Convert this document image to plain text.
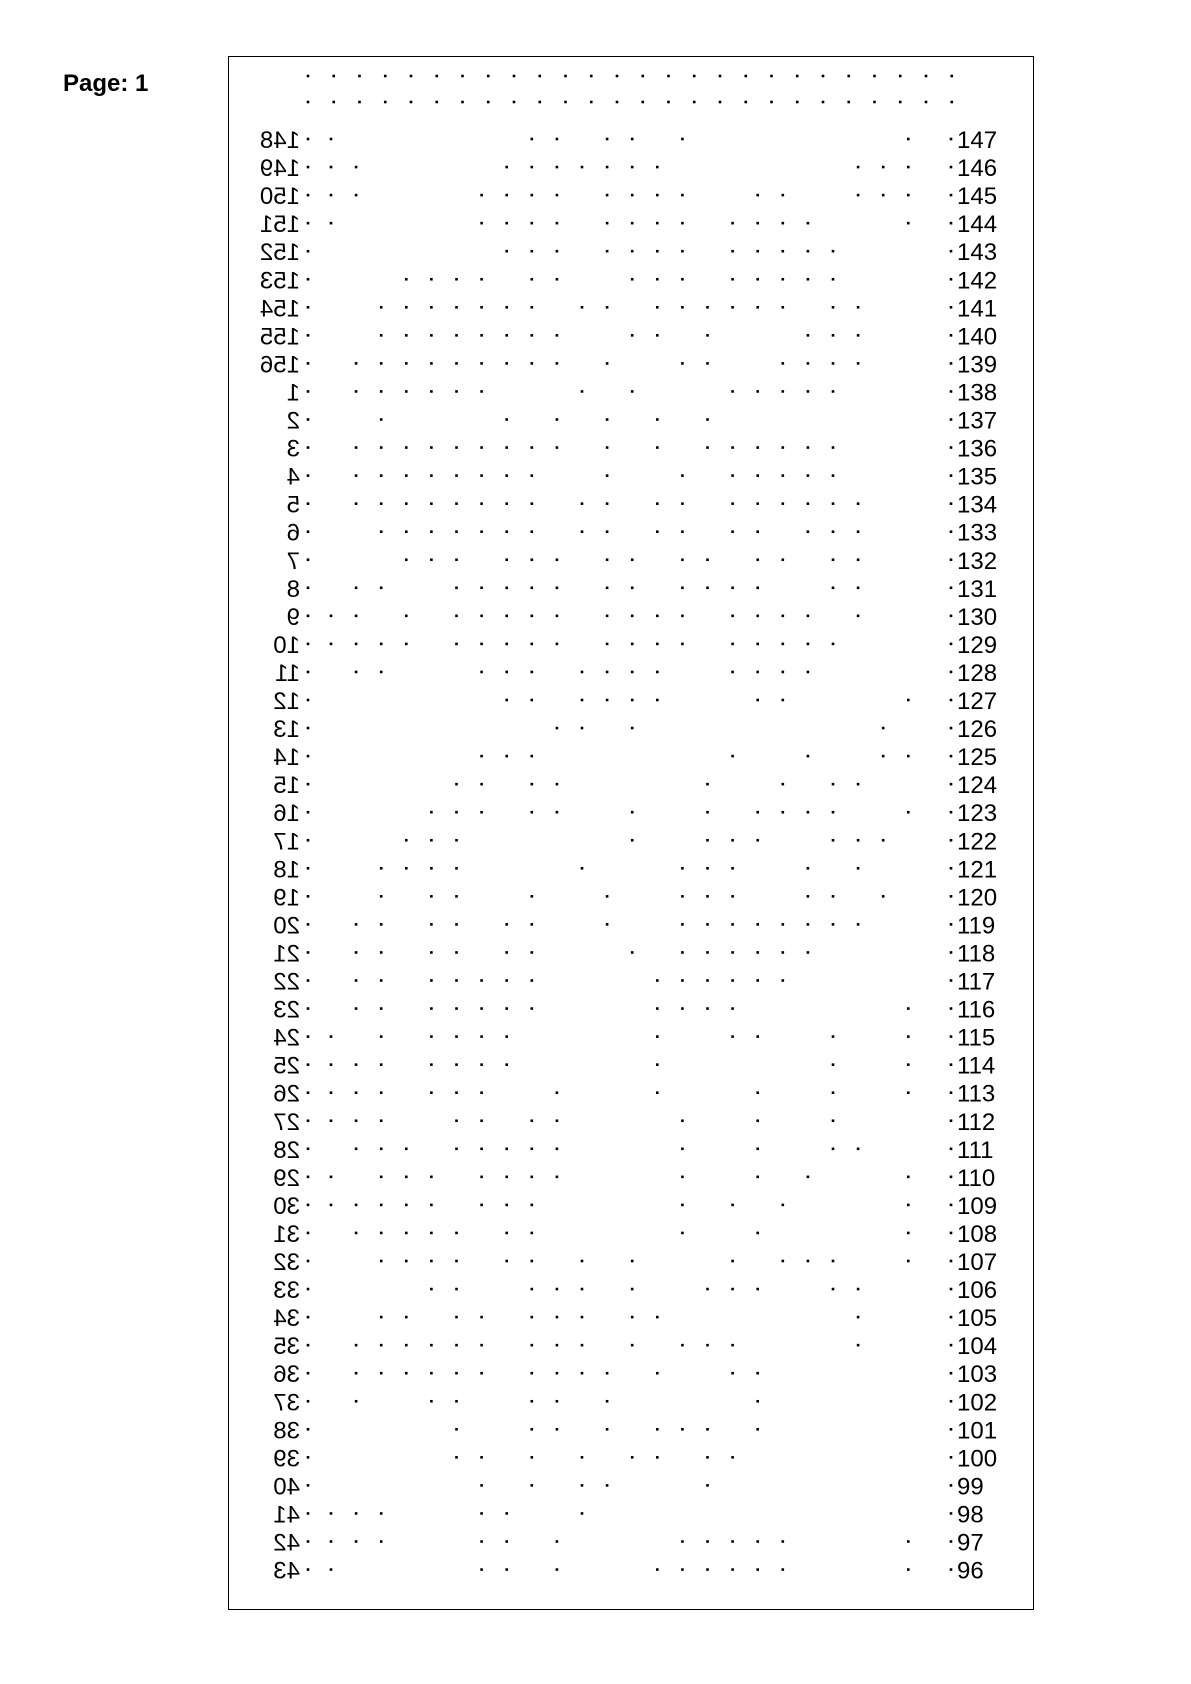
Page: 1
148	147
149	146
150	145
151	144
152	143
153	142
154	141
155	140
156	139
1	138
2	137
3	136
4	135
5	134
6	133
7	132
8	131
9	130
10	129
11	128
12	127
13	126
14	125
15	124
16	123
17	122
18	121
19	120
20	119
21	118
22	117
23	116
24	115
25	114
26	113
27	112
28	111
29	110
30	109
31	108
32	107
33	106
34	105
35	104
36	103
37	102
38	101
39	100
40	99
41	98
42	97
43	96
